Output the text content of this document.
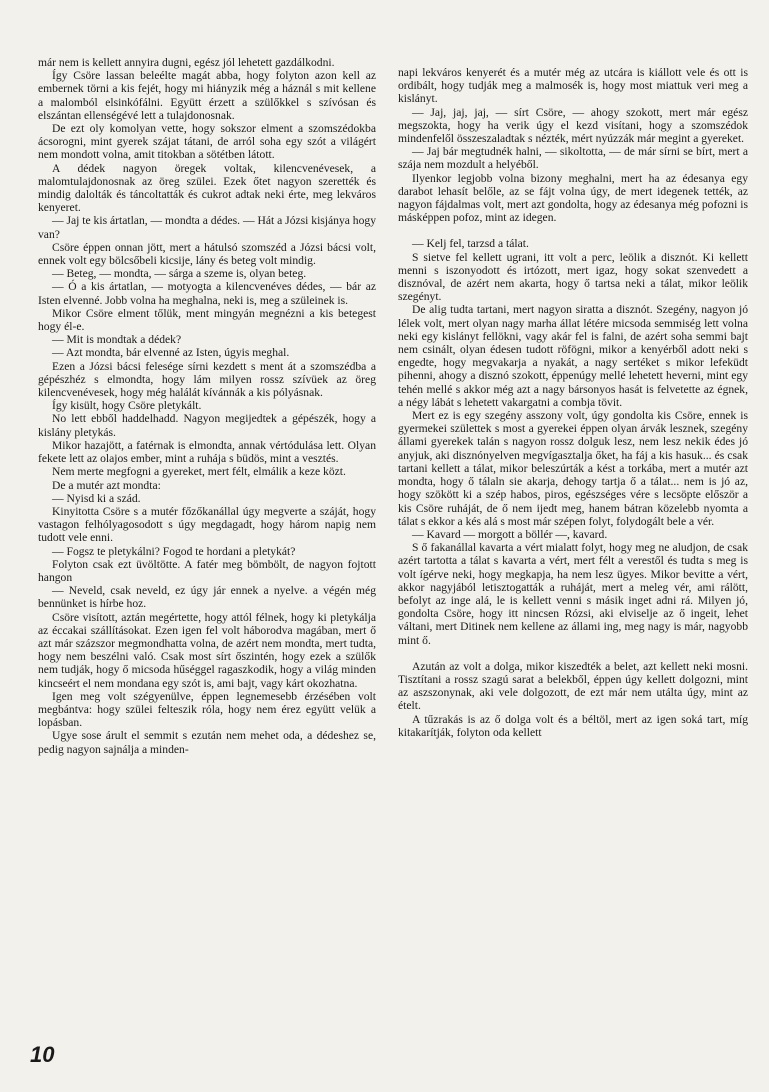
már nem is kellett annyira dugni, egész jól lehetett gazdálkodni.

Így Csöre lassan beleélte magát abba, hogy folyton azon kell az embernek törni a kis fejét, hogy mi hiányzik még a háznál s mit kellene a malomból elsinkófálni. Együtt érzett a szülőkkel s szívósan és elszántan ellenségévé lett a tulajdonosnak.

De ezt oly komolyan vette, hogy sokszor elment a szomszédokba ácsorogni, mint gyerek szájat tátani, de arról soha egy szót a világért nem mondott volna, amit titokban a sötétben látott.

A dédek nagyon öregek voltak, kilencvenévesek, a malomtulajdonosnak az öreg szülei. Ezek őtet nagyon szerették és mindig dalolták és táncoltatták és cukrot adtak neki érte, meg lekváros kenyeret.

— Jaj te kis ártatlan, — mondta a dédes. — Hát a Józsi kisjánya hogy van?

Csöre éppen onnan jött, mert a hátulsó szomszéd a Józsi bácsi volt, ennek volt egy bölcsőbeli kicsije, lány és beteg volt mindig.

— Beteg, — mondta, — sárga a szeme is, olyan beteg.

— Ó a kis ártatlan, — motyogta a kilencvenéves dédes, — bár az Isten elvenné. Jobb volna ha meghalna, neki is, meg a szüleinek is.

Mikor Csöre elment tőlük, ment mingyán megnézni a kis betegest hogy él-e.

— Mit is mondtak a dédek?

— Azt mondta, bár elvenné az Isten, úgyis meghal.

Ezen a Józsi bácsi felesége sírni kezdett s ment át a szomszédba a gépészhéz s elmondta, hogy lám milyen rossz szívüek az öreg kilencvenévesek, hogy még halálát kívánnák a kis pólyásnak.

Így kisült, hogy Csöre pletykált.

No lett ebből haddelhadd. Nagyon megijedtek a gépészék, hogy a kislány pletykás.

Mikor hazajött, a fatérnak is elmondta, annak vértódulása lett. Olyan fekete lett az olajos ember, mint a ruhája s büdös, mint a vesztés.

Nem merte megfogni a gyereket, mert félt, elmálik a keze közt.

De a mutér azt mondta:

— Nyisd ki a szád.

Kinyitotta Csöre s a mutér főzőkanállal úgy megverte a száját, hogy vastagon felhólyagosodott s úgy megdagadt, hogy három napig nem tudott vele enni.

— Fogsz te pletykálni? Fogod te hordani a pletykát?

Folyton csak ezt üvöltötte. A fatér meg bömbölt, de nagyon fojtott hangon

— Neveld, csak neveld, ez úgy jár ennek a nyelve. a végén még bennünket is hírbe hoz.

Csöre visított, aztán megértette, hogy attól félnek, hogy ki pletykálja az éccakai szállításokat. Ezen igen fel volt háborodva magában, mert ő azt már százszor megmondhatta volna, de azért nem mondta, mert tudta, hogy nem beszélni való. Csak most sírt őszintén, hogy ezek a szülők nem tudják, hogy ő micsoda hűséggel ragaszkodik, hogy a világ minden kincseért el nem mondana egy szót is, ami bajt, vagy kárt okozhatna.

Igen meg volt szégyenülve, éppen legnemesebb érzésében volt megbántva: hogy szülei felteszik róla, hogy nem érez együtt velük a lopásban.

Ugye sose árult el semmit s ezután nem mehet oda, a dédeshez se, pedig nagyon sajnálja a minden-

napi lekváros kenyerét és a mutér még az utcára is kiállott vele és ott is ordibált, hogy tudják meg a malmosék is, hogy most miattuk veri meg a kislányt.

— Jaj, jaj, jaj, — sírt Csöre, — ahogy szokott, mert már egész megszokta, hogy ha verik úgy el kezd visítani, hogy a szomszédok mindenfelől összeszaladtak s nézték, mért nyúzzák már megint a gyereket.

— Jaj bár megtudnék halni, — sikoltotta, — de már sírni se bírt, mert a szája nem mozdult a helyéből.

Ilyenkor legjobb volna bizony meghalni, mert ha az édesanya egy darabot lehasít belőle, az se fájt volna úgy, de mert idegenek tették, az nagyon fájdalmas volt, mert azt gondolta, hogy az édesanya még pofozni is másképpen pofoz, mint az idegen.

— Kelj fel, tarzsd a tálat.

S sietve fel kellett ugrani, itt volt a perc, leölik a disznót. Ki kellett menni s iszonyodott és irtózott, mert igaz, hogy sokat szenvedett a disznóval, de azért nem akarta, hogy ő tartsa neki a tálat, mikor leölik szegényt.

De alig tudta tartani, mert nagyon siratta a disznót. Szegény, nagyon jó lélek volt, mert olyan nagy marha állat létére micsoda semmiség lett volna neki egy kislányt fellökni, vagy akár fel is falni, de azért soha semmi bajt nem csinált, olyan édesen tudott röfögni, mikor a kenyérből adott neki s engedte, hogy megvakarja a nyakát, a nagy sertéket s mikor lefeküdt pihenni, ahogy a disznó szokott, éppenúgy mellé lehetett heverni, mint egy tehén mellé s akkor még azt a nagy bársonyos hasát is felvetette az égnek, a négy lábát s lehetett vakargatni a combja tövit.

Mert ez is egy szegény asszony volt, úgy gondolta kis Csöre, ennek is gyermekei születtek s most a gyerekei éppen olyan árvák lesznek, szegény állami gyerekek talán s nagyon rossz dolguk lesz, nem lesz nekik édes jó anyjuk, aki disznónyelven megvígasztalja őket, ha fáj a kis hasuk... és csak tartani kellett a tálat, mikor beleszúrták a kést a torkába, mert a mutér azt mondta, hogy ő tálaln sie akarja, dehogy tartja ő a tálat... nem is jó az, hogy szökött ki a szép habos, piros, egészséges vére s lecsöpte először a kis Csöre ruháját, de ő nem ijedt meg, hanem bátran közelebb nyomta a tálat s ekkor a kés alá s most már szépen folyt, folydogált bele a vér.

— Kavard — morgott a böllér —, kavard.

S ő fakanállal kavarta a vért mialatt folyt, hogy meg ne aludjon, de csak azért tartotta a tálat s kavarta a vért, mert félt a verestől és tudta s meg is volt ígérve neki, hogy megkapja, ha nem lesz ügyes. Mikor bevitte a vért, akkor nagyjából letisztogatták a ruháját, mert a meleg vér, ami rálött, befolyt az inge alá, le is kellett venni s másik inget adni rá. Milyen jó, gondolta Csöre, hogy itt nincsen Rózsi, aki elviselje az ő ingeit, lehet váltani, mert Ditinek nem kellene az állami ing, meg nagy is már, nagyobb mint ő.

Azután az volt a dolga, mikor kiszedték a belet, azt kellett neki mosni. Tisztítani a rossz szagú sarat a belekből, éppen úgy kellett dolgozni, mint az aszszonynak, aki vele dolgozott, de ezt már nem utálta úgy, mint az ételt.

A tűzrakás is az ő dolga volt és a béltöl, mert az igen soká tart, míg kitakarítják, folyton oda kellett

10
